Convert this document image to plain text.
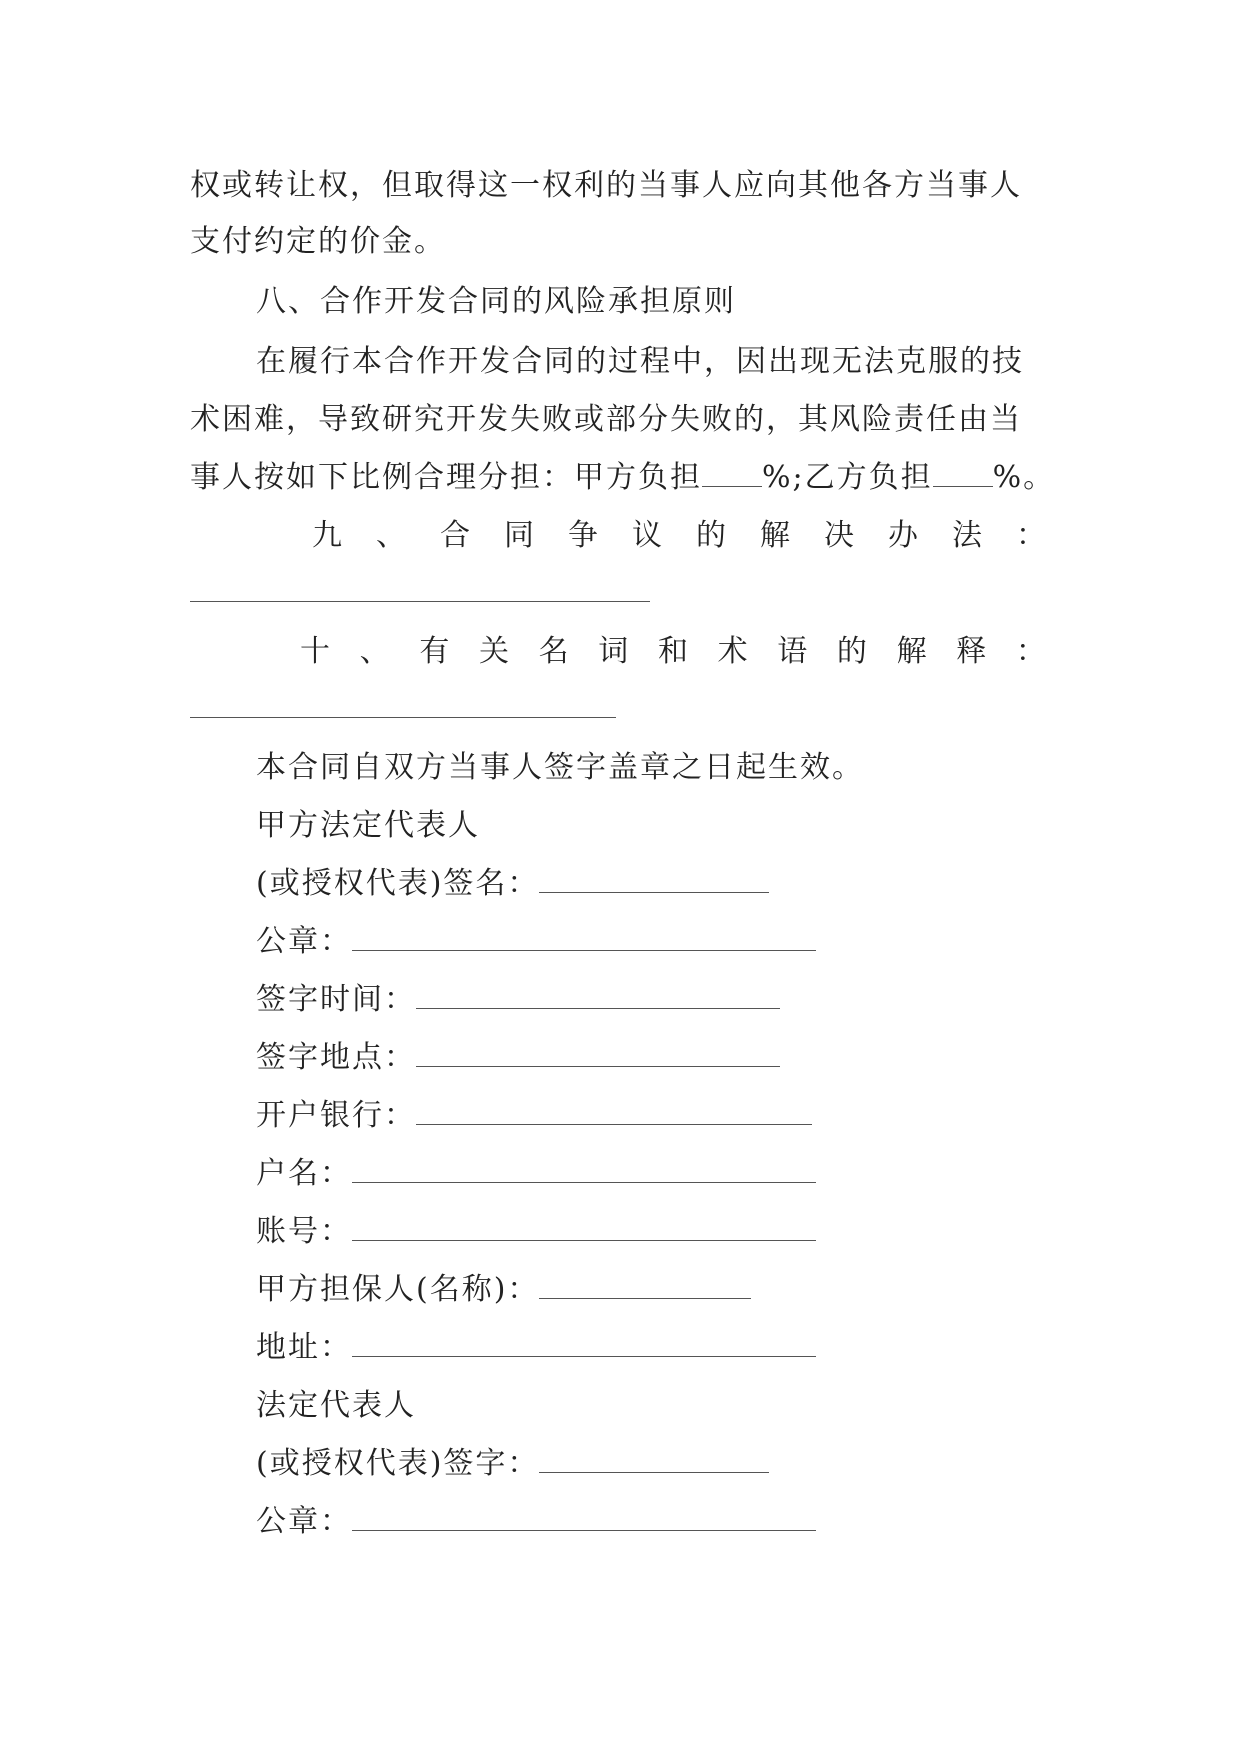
权或转让权，但取得这一权利的当事人应向其他各方当事人
支付约定的价金。
八、合作开发合同的风险承担原则
在履行本合作开发合同的过程中，因出现无法克服的技
术困难，导致研究开发失败或部分失败的，其风险责任由当
事人按如下比例合理分担：甲方负担 %;乙方负担 %。
九 、 合 同 争 议 的 解 决 办 法 ：
十 、 有 关 名 词 和 术 语 的 解 释 ：
本合同自双方当事人签字盖章之日起生效。
甲方法定代表人
(或授权代表)签名：
公章：
签字时间：
签字地点：
开户银行：
户名：
账号：
甲方担保人(名称)：
地址：
法定代表人
(或授权代表)签字：
公章：
